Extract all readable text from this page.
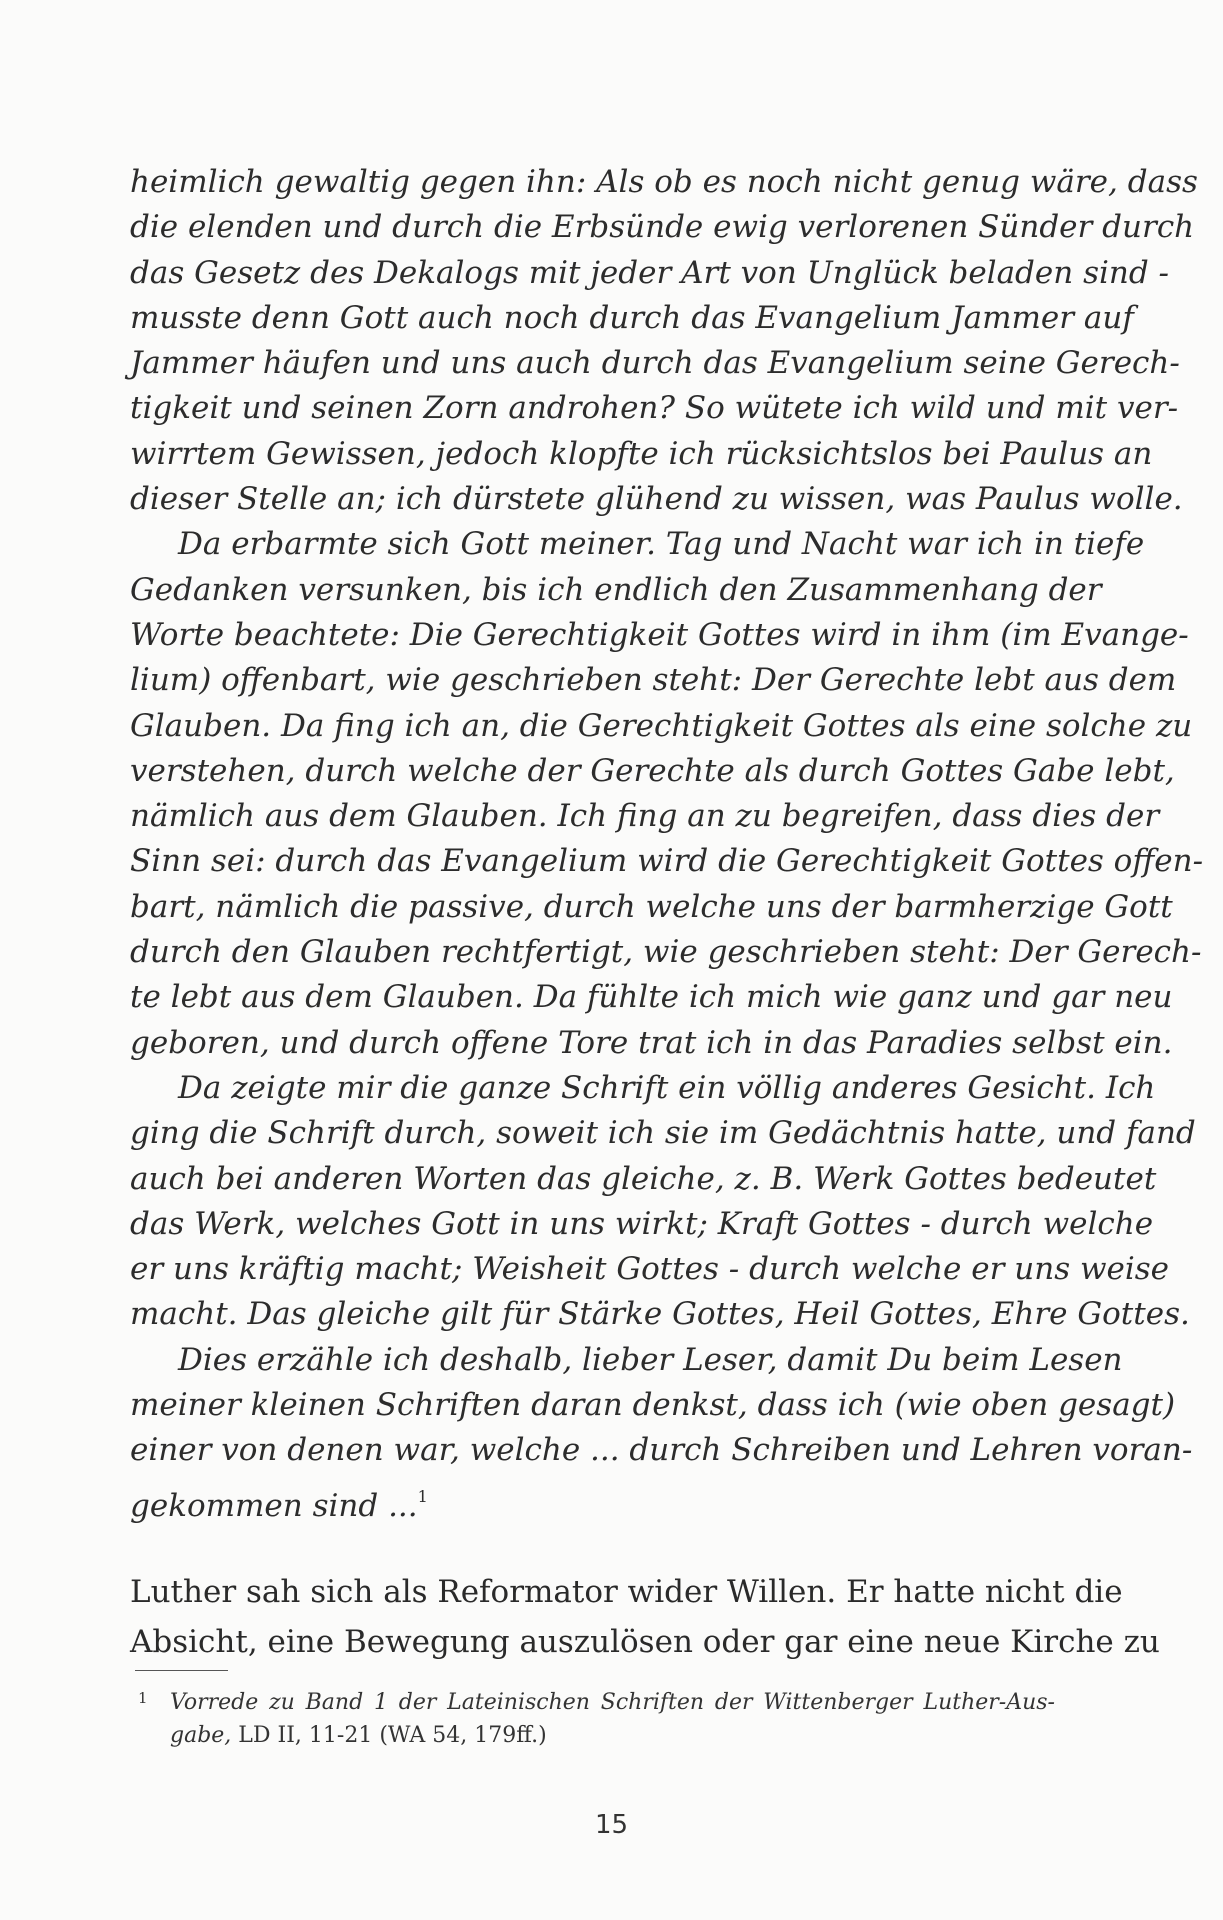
heimlich gewaltig gegen ihn: Als ob es noch nicht genug wäre, dass
die elenden und durch die Erbsünde ewig verlorenen Sünder durch
das Gesetz des Dekalogs mit jeder Art von Unglück beladen sind -
musste denn Gott auch noch durch das Evangelium Jammer auf
Jammer häufen und uns auch durch das Evangelium seine Gerech-
tigkeit und seinen Zorn androhen? So wütete ich wild und mit ver-
wirrtem Gewissen, jedoch klopfte ich rücksichtslos bei Paulus an
dieser Stelle an; ich dürstete glühend zu wissen, was Paulus wolle.
Da erbarmte sich Gott meiner. Tag und Nacht war ich in tiefe
Gedanken versunken, bis ich endlich den Zusammenhang der
Worte beachtete: Die Gerechtigkeit Gottes wird in ihm (im Evange-
lium) offenbart, wie geschrieben steht: Der Gerechte lebt aus dem
Glauben. Da fing ich an, die Gerechtigkeit Gottes als eine solche zu
verstehen, durch welche der Gerechte als durch Gottes Gabe lebt,
nämlich aus dem Glauben. Ich fing an zu begreifen, dass dies der
Sinn sei: durch das Evangelium wird die Gerechtigkeit Gottes offen-
bart, nämlich die passive, durch welche uns der barmherzige Gott
durch den Glauben rechtfertigt, wie geschrieben steht: Der Gerech-
te lebt aus dem Glauben. Da fühlte ich mich wie ganz und gar neu
geboren, und durch offene Tore trat ich in das Paradies selbst ein.
Da zeigte mir die ganze Schrift ein völlig anderes Gesicht. Ich
ging die Schrift durch, soweit ich sie im Gedächtnis hatte, und fand
auch bei anderen Worten das gleiche, z. B. Werk Gottes bedeutet
das Werk, welches Gott in uns wirkt; Kraft Gottes - durch welche
er uns kräftig macht; Weisheit Gottes - durch welche er uns weise
macht. Das gleiche gilt für Stärke Gottes, Heil Gottes, Ehre Gottes.
Dies erzähle ich deshalb, lieber Leser, damit Du beim Lesen
meiner kleinen Schriften daran denkst, dass ich (wie oben gesagt)
einer von denen war, welche ... durch Schreiben und Lehren voran-
gekommen sind ...$^1$
Luther sah sich als Reformator wider Willen. Er hatte nicht die
Absicht, eine Bewegung auszulösen oder gar eine neue Kirche zu
1 Vorrede zu Band 1 der Lateinischen Schriften der Wittenberger Luther-Aus-
gabe, LD II, 11-21 (WA 54, 179ff.)
15
